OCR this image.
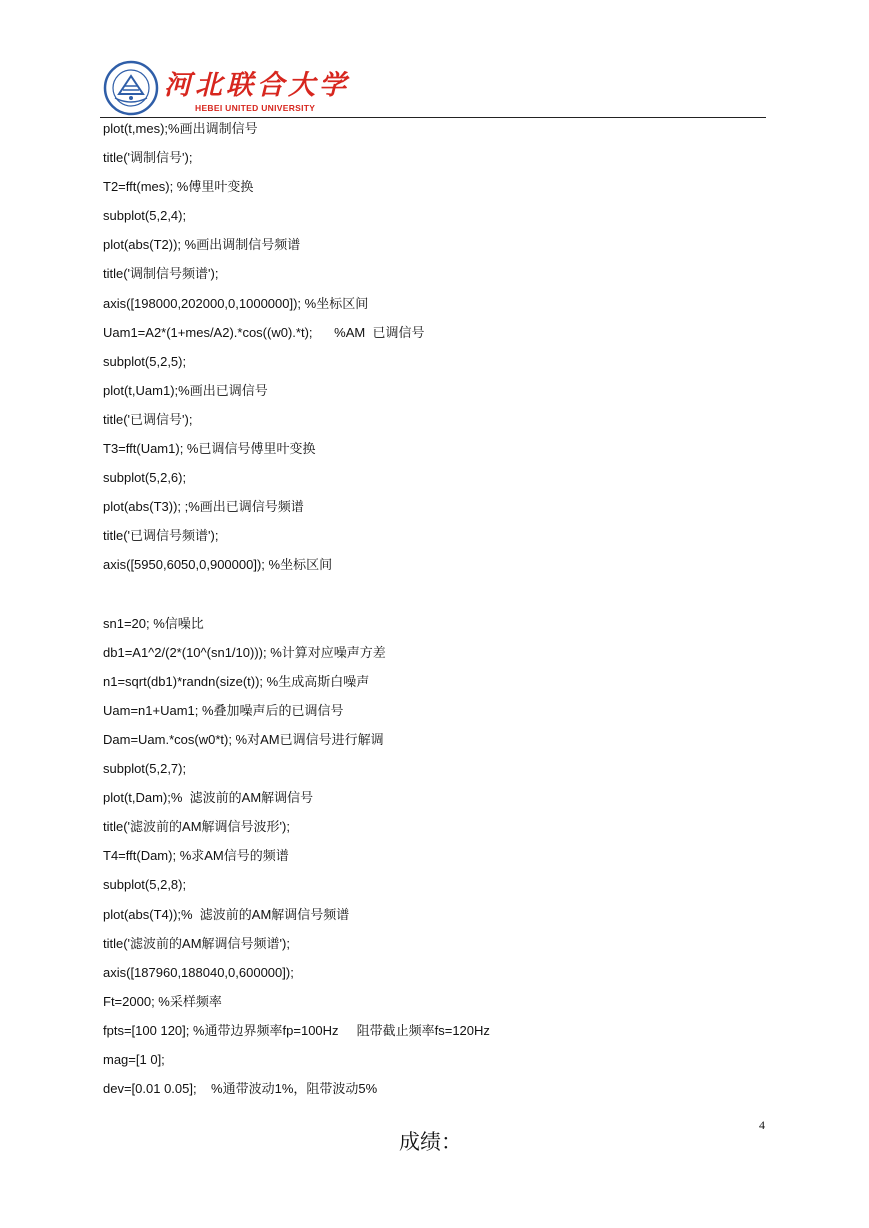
河北联合大学
HEBEI UNITED UNIVERSITY
plot(t,mes);%画出调制信号
title('调制信号');
T2=fft(mes); %傅里叶变换
subplot(5,2,4);
plot(abs(T2)); %画出调制信号频谱
title('调制信号频谱');
axis([198000,202000,0,1000000]); %坐标区间
Uam1=A2*(1+mes/A2).*cos((w0).*t);      %AM  已调信号
subplot(5,2,5);
plot(t,Uam1);%画出已调信号
title('已调信号');
T3=fft(Uam1); %已调信号傅里叶变换
subplot(5,2,6);
plot(abs(T3)); ;%画出已调信号频谱
title('已调信号频谱');
axis([5950,6050,0,900000]); %坐标区间
sn1=20; %信噪比
db1=A1^2/(2*(10^(sn1/10))); %计算对应噪声方差
n1=sqrt(db1)*randn(size(t)); %生成高斯白噪声
Uam=n1+Uam1; %叠加噪声后的已调信号
Dam=Uam.*cos(w0*t); %对AM已调信号进行解调
subplot(5,2,7);
plot(t,Dam);%  滤波前的AM解调信号
title('滤波前的AM解调信号波形');
T4=fft(Dam); %求AM信号的频谱
subplot(5,2,8);
plot(abs(T4));%  滤波前的AM解调信号频谱
title('滤波前的AM解调信号频谱');
axis([187960,188040,0,600000]);
Ft=2000; %采样频率
fpts=[100 120]; %通带边界频率fp=100Hz     阻带截止频率fs=120Hz
mag=[1 0];
dev=[0.01 0.05];    %通带波动1%，阻带波动5%
4
成绩：
